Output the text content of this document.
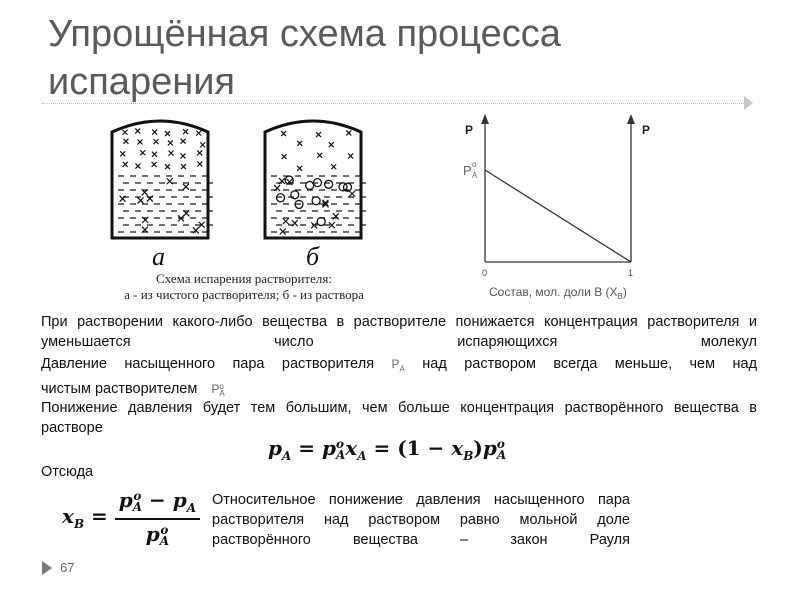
Упрощённая схема процесса испарения
а	б
Схема испарения растворителя:
а - из чистого растворителя; б - из раствора
P	P
P o
A
0	1
Состав, мол. доли В $(X_B)$
При растворении какого-либо вещества в растворителе понижается концентрация растворителя и уменьшается число испаряющихся молекул
Давление насыщенного пара растворителя $P_A$ над раствором всегда меньше, чем над
чистым растворителем P o
A
Понижение давления будет тем большим, чем больше концентрация растворённого вещества в растворе
$p_A = p$ o
A $x_A = (1 - x_B)p$ o
A
Отсюда
$x_B = p$ o
$A - p_A$
p o
A Относительное понижение давления насыщенного пара растворителя над раствором равно мольной доле растворённого вещества – закон Рауля
67
